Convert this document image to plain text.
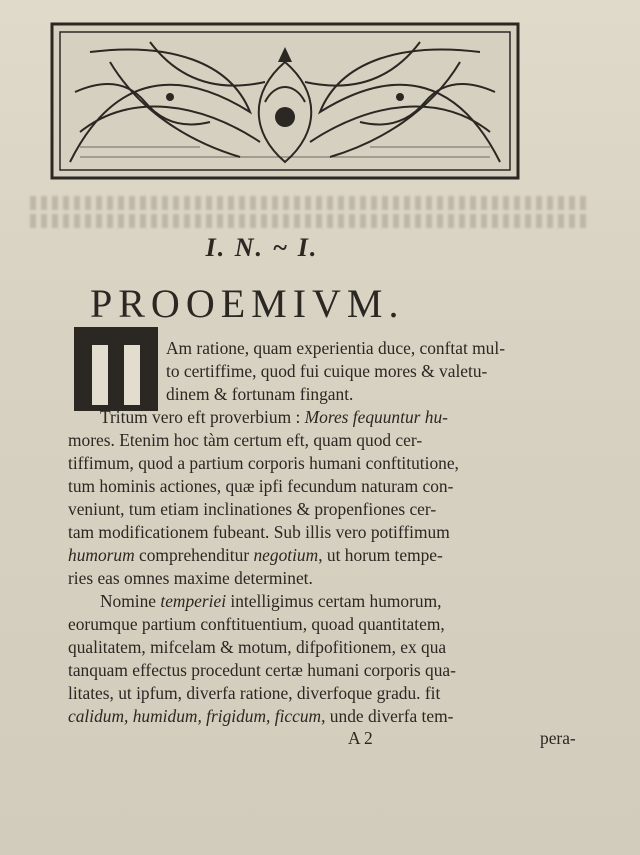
I. N. ~ I.
PROOEMIVM.
Am ratione, quam experientia duce, conftat mul-
to certiffime, quod fui cuique mores & valetu-
dinem & fortunam fingant.
Tritum vero eft proverbium : Mores fequuntur hu-
mores. Etenim hoc tàm certum eft, quam quod cer-
tiffimum, quod a partium corporis humani conftitutione,
tum hominis actiones, quæ ipfi fecundum naturam con-
veniunt, tum etiam inclinationes & propenfiones cer-
tam modificationem fubeant. Sub illis vero potiffimum
humorum comprehenditur negotium, ut horum tempe-
ries eas omnes maxime determinet.
Nomine temperiei intelligimus certam humorum,
eorumque partium conftituentium, quoad quantitatem,
qualitatem, mifcelam & motum, difpofitionem, ex qua
tanquam effectus procedunt certæ humani corporis qua-
litates, ut ipfum, diverfa ratione, diverfoque gradu. fit
calidum, humidum, frigidum, ficcum, unde diverfa tem-
A 2	pera-
